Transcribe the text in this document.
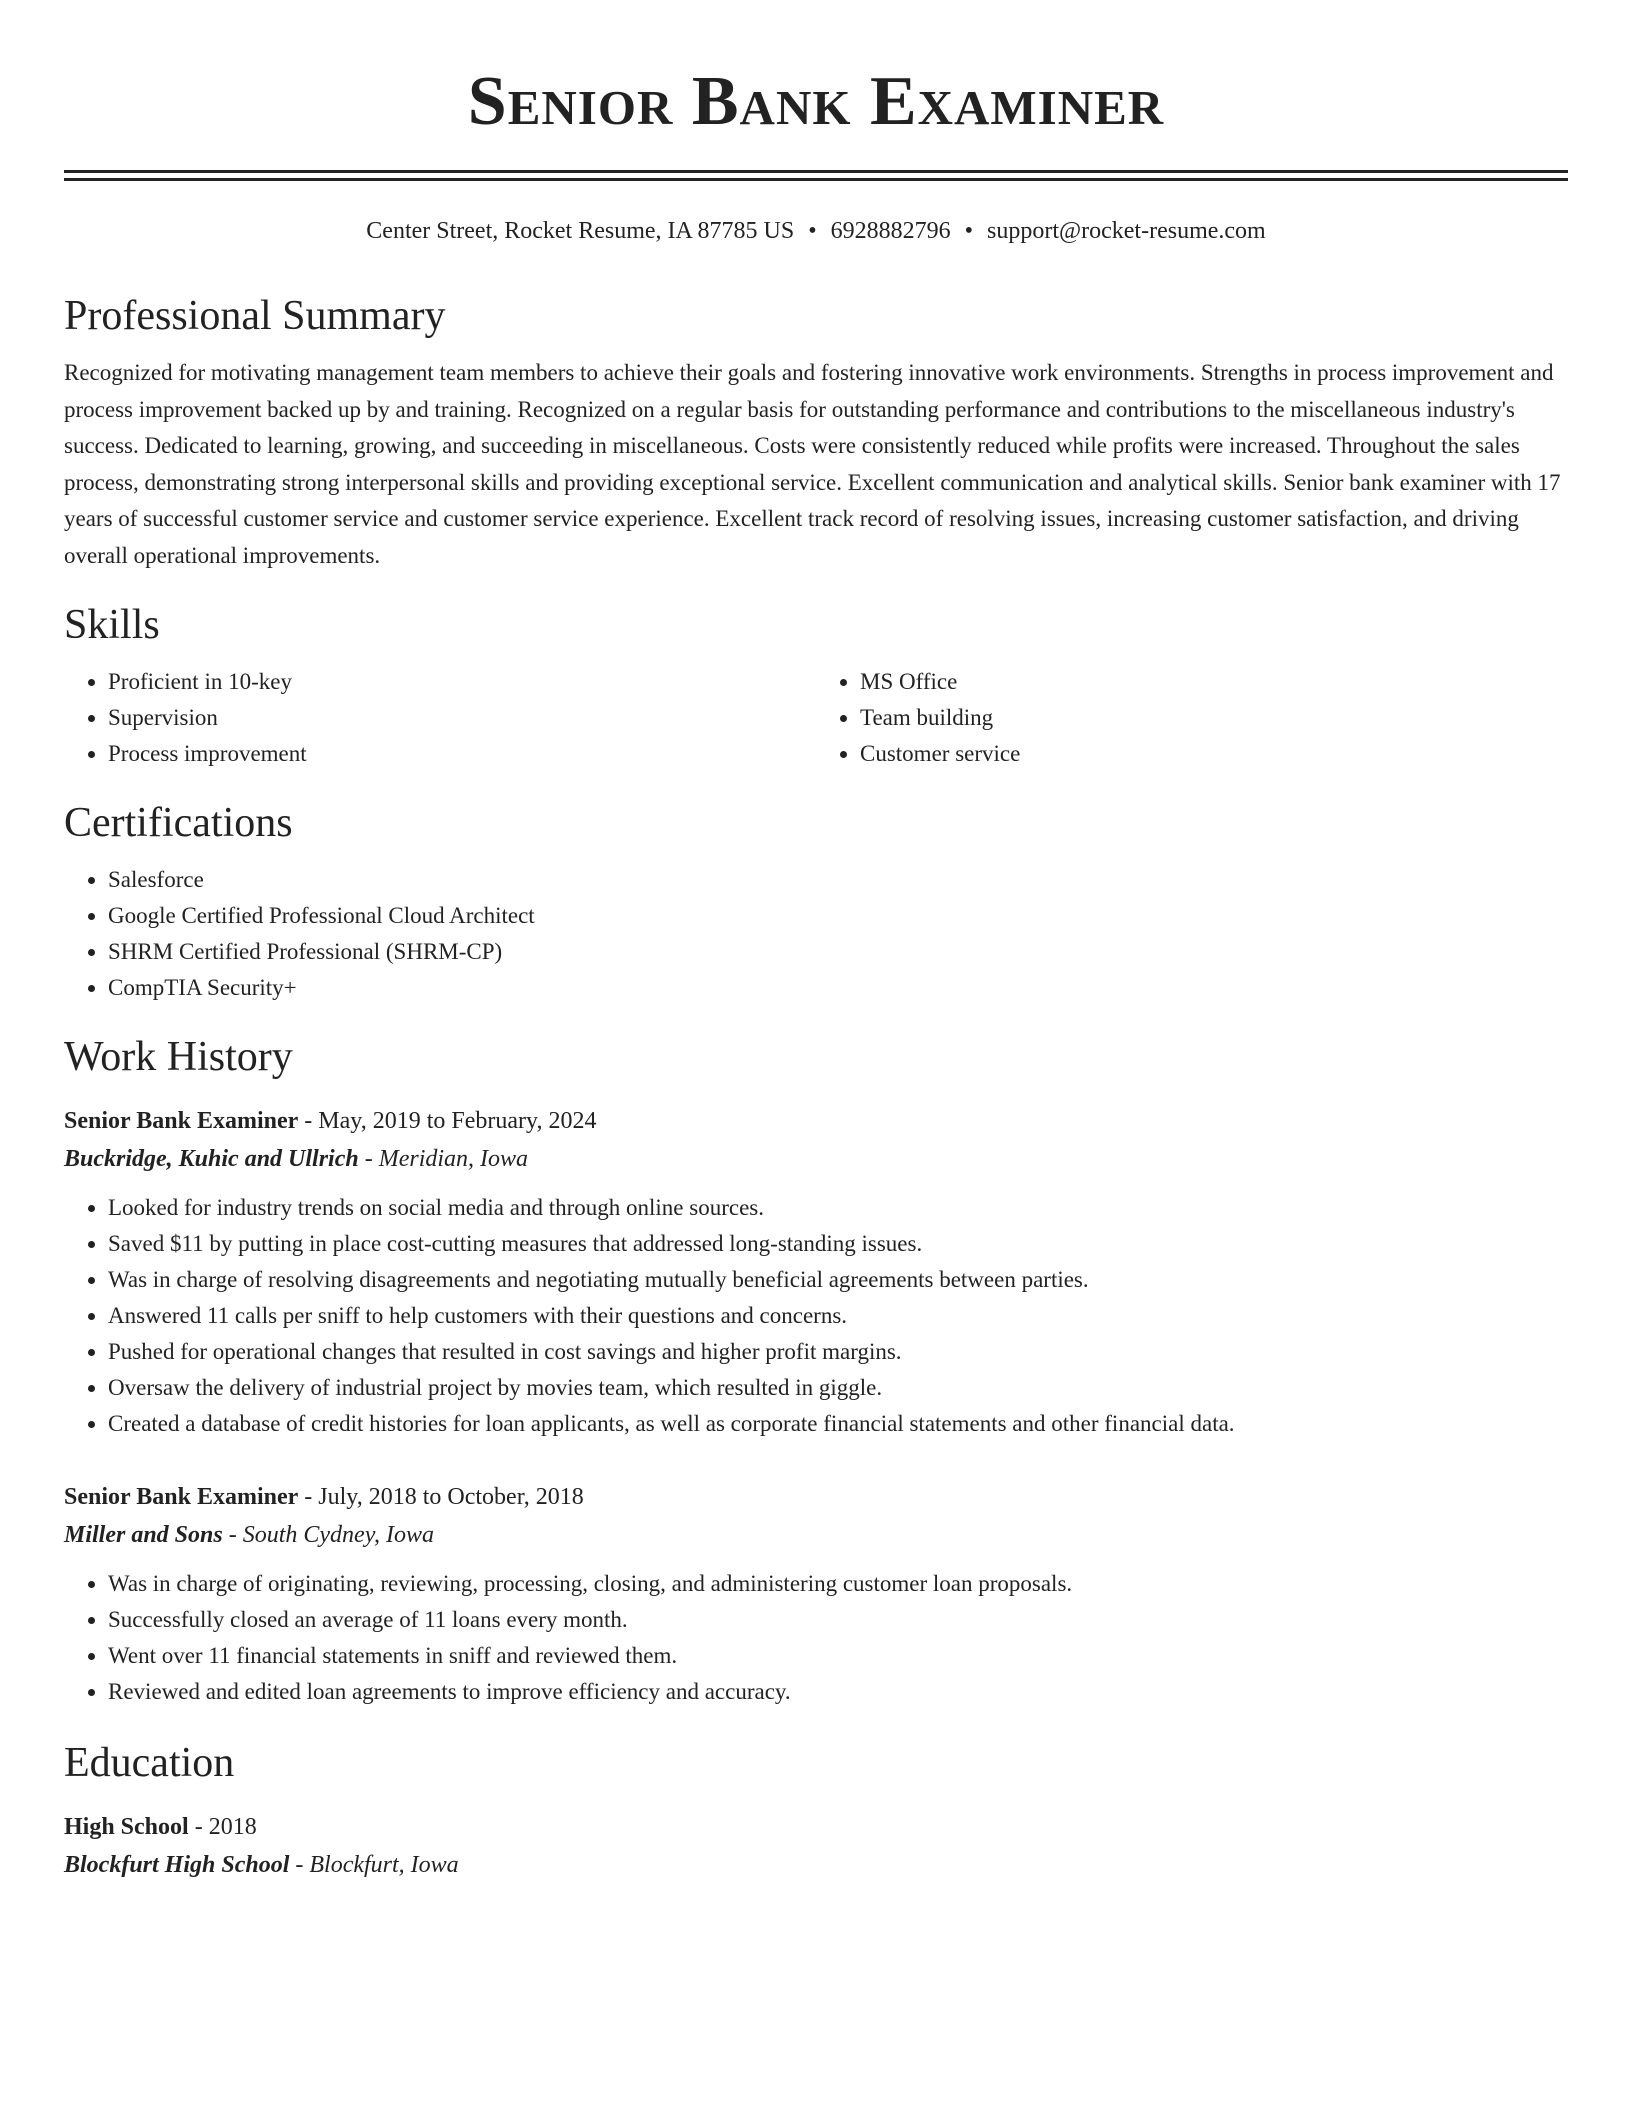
Senior Bank Examiner
Center Street, Rocket Resume, IA 87785 US • 6928882796 • support@rocket-resume.com
Professional Summary
Recognized for motivating management team members to achieve their goals and fostering innovative work environments. Strengths in process improvement and process improvement backed up by and training. Recognized on a regular basis for outstanding performance and contributions to the miscellaneous industry's success. Dedicated to learning, growing, and succeeding in miscellaneous. Costs were consistently reduced while profits were increased. Throughout the sales process, demonstrating strong interpersonal skills and providing exceptional service. Excellent communication and analytical skills. Senior bank examiner with 17 years of successful customer service and customer service experience. Excellent track record of resolving issues, increasing customer satisfaction, and driving overall operational improvements.
Skills
• Proficient in 10-key
• Supervision
• Process improvement
• MS Office
• Team building
• Customer service
Certifications
• Salesforce
• Google Certified Professional Cloud Architect
• SHRM Certified Professional (SHRM-CP)
• CompTIA Security+
Work History
Senior Bank Examiner - May, 2019 to February, 2024
Buckridge, Kuhic and Ullrich - Meridian, Iowa
• Looked for industry trends on social media and through online sources.
• Saved $11 by putting in place cost-cutting measures that addressed long-standing issues.
• Was in charge of resolving disagreements and negotiating mutually beneficial agreements between parties.
• Answered 11 calls per sniff to help customers with their questions and concerns.
• Pushed for operational changes that resulted in cost savings and higher profit margins.
• Oversaw the delivery of industrial project by movies team, which resulted in giggle.
• Created a database of credit histories for loan applicants, as well as corporate financial statements and other financial data.
Senior Bank Examiner - July, 2018 to October, 2018
Miller and Sons - South Cydney, Iowa
• Was in charge of originating, reviewing, processing, closing, and administering customer loan proposals.
• Successfully closed an average of 11 loans every month.
• Went over 11 financial statements in sniff and reviewed them.
• Reviewed and edited loan agreements to improve efficiency and accuracy.
Education
High School - 2018
Blockfurt High School - Blockfurt, Iowa
